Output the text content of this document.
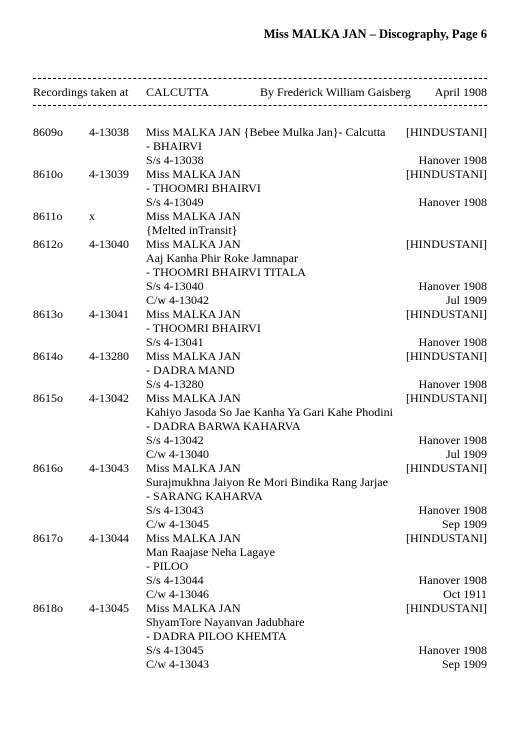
Miss MALKA JAN – Discography, Page 6
Recordings taken at CALCUTTA	By Frederick William Gaisberg April 1908
8609o 4-13038 Miss MALKA JAN {Bebee Mulka Jan}- Calcutta [HINDUSTANI]
- BHAIRVI
S/s 4-13038	Hanover 1908
8610o 4-13039 Miss MALKA JAN	[HINDUSTANI]
- THOOMRI BHAIRVI
S/s 4-13049	Hanover 1908
8611o x	Miss MALKA JAN
{Melted inTransit}
8612o 4-13040 Miss MALKA JAN	[HINDUSTANI]
Aaj Kanha Phir Roke Jamnapar
- THOOMRI BHAIRVI TITALA
S/s 4-13040	Hanover 1908
C/w 4-13042	Jul 1909
8613o 4-13041 Miss MALKA JAN	[HINDUSTANI]
- THOOMRI BHAIRVI
S/s 4-13041	Hanover 1908
8614o 4-13280 Miss MALKA JAN	[HINDUSTANI]
- DADRA MAND
S/s 4-13280	Hanover 1908
8615o 4-13042 Miss MALKA JAN	[HINDUSTANI]
Kahiyo Jasoda So Jae Kanha Ya Gari Kahe Phodini
- DADRA BARWA KAHARVA
S/s 4-13042	Hanover 1908
C/w 4-13040	Jul 1909
8616o 4-13043 Miss MALKA JAN	[HINDUSTANI]
Surajmukhna Jaiyon Re Mori Bindika Rang Jarjae
- SARANG KAHARVA
S/s 4-13043	Hanover 1908
C/w 4-13045	Sep 1909
8617o 4-13044 Miss MALKA JAN	[HINDUSTANI]
Man Raajase Neha Lagaye
- PILOO
S/s 4-13044	Hanover 1908
C/w 4-13046	Oct 1911
8618o 4-13045 Miss MALKA JAN	[HINDUSTANI]
ShyamTore Nayanvan Jadubhare
- DADRA PILOO KHEMTA
S/s 4-13045	Hanover 1908
C/w 4-13043	Sep 1909
